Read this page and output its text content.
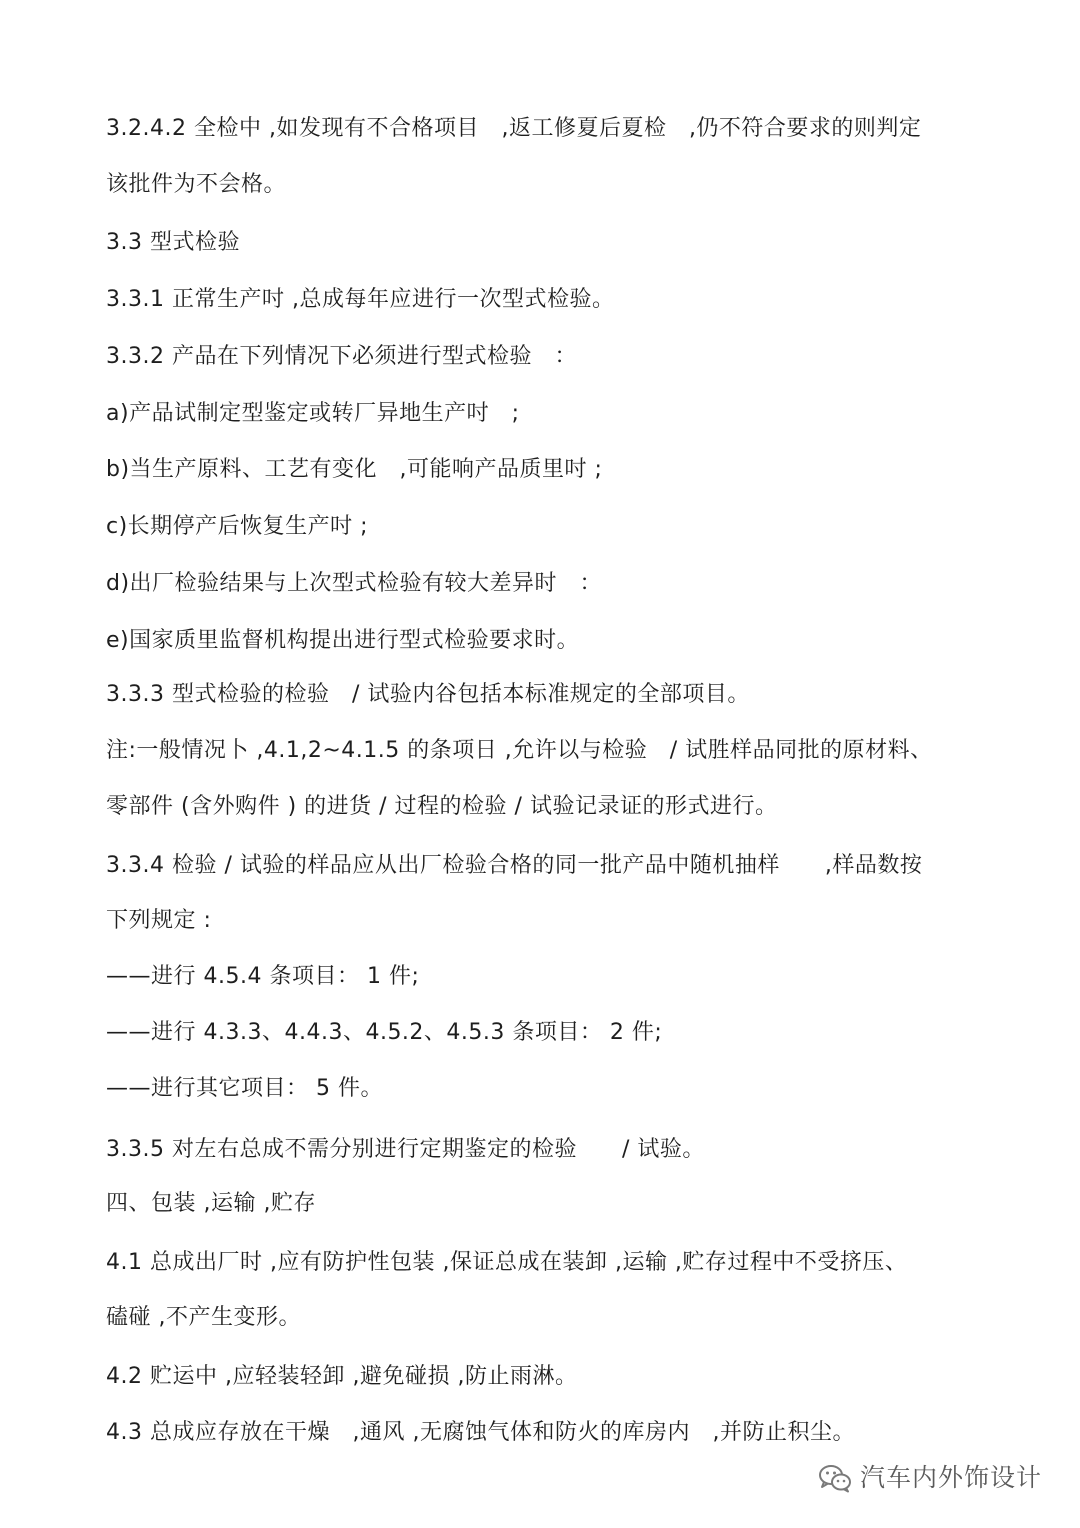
3.2.4.2 全检中 ,如发现有不合格项目　,返工修夏后夏检　,仍不符合要求的则判定
该批件为不会格。
3.3 型式检验
3.3.1 正常生产吋 ,总成每年应进行一次型式检验。
3.3.2 产品在下列情况下必须进行型式检验　：
a)产品试制定型鉴定或转厂异地生产吋　;
b)当生产原料、工艺有变化　,可能响产品质里吋 ;
c)长期停产后恢复生产吋 ;
d)出厂检验结果与上次型式检验有较大差异时　：
e)国家质里监督机构提出进行型式检验要求时。
3.3.3 型式检验的检验　/ 试验内谷包括本标准规定的全部项目。
注:一般情况卜 ,4.1,2~4.1.5 的条项日 ,允许以与检验　/ 试胜样品同批的原材料、
零部件 (含外购件 ) 的进货 / 过程的检验 / 试验记录证的形式进行。
3.3.4 检验 / 试验的样品应从出厂检验合格的同一批产品中随机抽样　　,样品数按
下列规定 :
——进行 4.5.4 条项目： 1 件;
——进行 4.3.3、4.4.3、4.5.2、4.5.3 条项目： 2 件;
——进行其它项目： 5 件。
3.3.5 对左右总成不需分别进行定期鉴定的检验　　/ 试验。
四、包装 ,运输 ,贮存
4.1 总成出厂时 ,应有防护性包装 ,保证总成在装卸 ,运输 ,贮存过程中不受挤压、
磕碰 ,不产生变形。
4.2 贮运中 ,应轻装轻卸 ,避免碰损 ,防止雨淋。
4.3 总成应存放在干燥　,通风 ,无腐蚀气体和防火的库房内　,并防止积尘。
汽车内外饰设计
